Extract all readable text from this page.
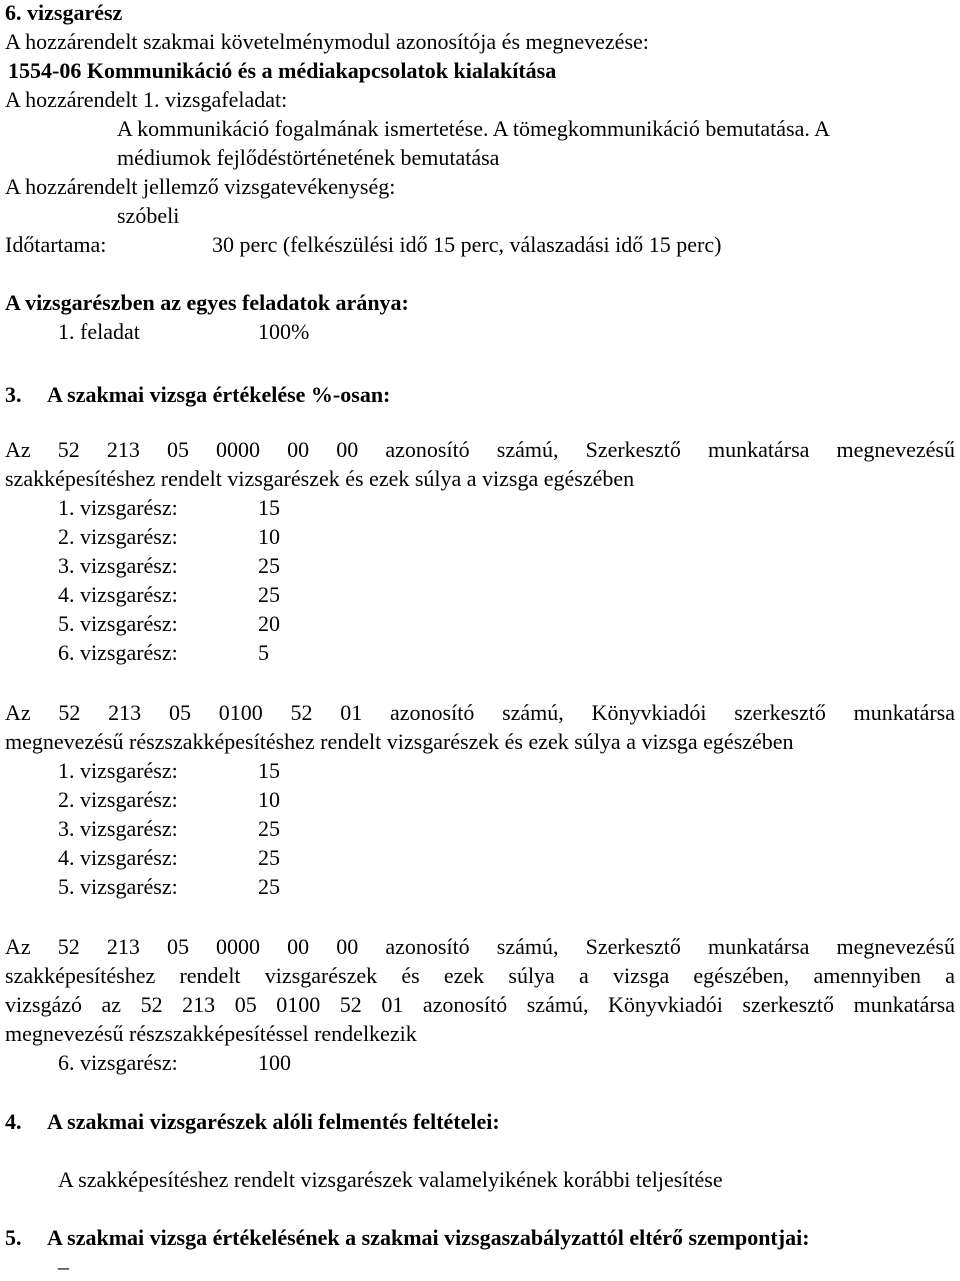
6. vizsgarész
A hozzárendelt szakmai követelménymodul azonosítója és megnevezése:
1554-06 Kommunikáció és a médiakapcsolatok kialakítása
A hozzárendelt 1. vizsgafeladat:
A kommunikáció fogalmának ismertetése. A tömegkommunikáció bemutatása. A
médiumok fejlődéstörténetének bemutatása
A hozzárendelt jellemző vizsgatevékenység:
szóbeli
Időtartama:	30 perc (felkészülési idő 15 perc, válaszadási idő 15 perc)
A vizsgarészben az egyes feladatok aránya:
1. feladat	100%
3. A szakmai vizsga értékelése %-osan:
Az 52 213 05 0000 00 00 azonosító számú, Szerkesztő munkatársa megnevezésű
szakképesítéshez rendelt vizsgarészek és ezek súlya a vizsga egészében
1. vizsgarész:	15
2. vizsgarész:	10
3. vizsgarész:	25
4. vizsgarész:	25
5. vizsgarész:	20
6. vizsgarész:	5
Az 52 213 05 0100 52 01 azonosító számú, Könyvkiadói szerkesztő munkatársa
megnevezésű részszakképesítéshez rendelt vizsgarészek és ezek súlya a vizsga egészében
1. vizsgarész:	15
2. vizsgarész:	10
3. vizsgarész:	25
4. vizsgarész:	25
5. vizsgarész:	25
Az 52 213 05 0000 00 00 azonosító számú, Szerkesztő munkatársa megnevezésű
szakképesítéshez rendelt vizsgarészek és ezek súlya a vizsga egészében, amennyiben a
vizsgázó az 52 213 05 0100 52 01 azonosító számú, Könyvkiadói szerkesztő munkatársa
megnevezésű részszakképesítéssel rendelkezik
6. vizsgarész:	100
4. A szakmai vizsgarészek alóli felmentés feltételei:
A szakképesítéshez rendelt vizsgarészek valamelyikének korábbi teljesítése
5. A szakmai vizsga értékelésének a szakmai vizsgaszabályzattól eltérő szempontjai:
–
